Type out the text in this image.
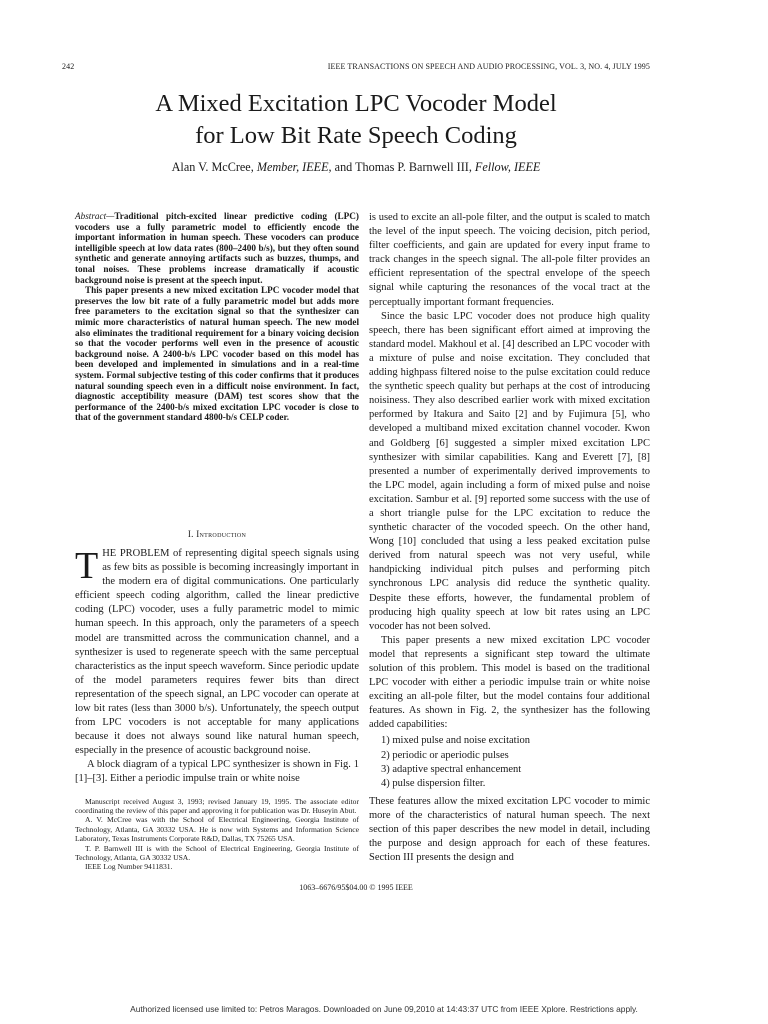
242	IEEE TRANSACTIONS ON SPEECH AND AUDIO PROCESSING, VOL. 3, NO. 4, JULY 1995
A Mixed Excitation LPC Vocoder Model
for Low Bit Rate Speech Coding
Alan V. McCree, Member, IEEE, and Thomas P. Barnwell III, Fellow, IEEE

Abstract—Traditional pitch-excited linear predictive coding (LPC) vocoders use a fully parametric model to efficiently encode the important information in human speech. These vocoders can produce intelligible speech at low data rates (800–2400 b/s), but they often sound synthetic and generate annoying artifacts such as buzzes, thumps, and tonal noises. These problems increase dramatically if acoustic background noise is present at the speech input.

This paper presents a new mixed excitation LPC vocoder model that preserves the low bit rate of a fully parametric model but adds more free parameters to the excitation signal so that the synthesizer can mimic more characteristics of natural human speech. The new model also eliminates the traditional requirement for a binary voicing decision so that the vocoder performs well even in the presence of acoustic background noise. A 2400-b/s LPC vocoder based on this model has been developed and implemented in simulations and in a real-time system. Formal subjective testing of this coder confirms that it produces natural sounding speech even in a difficult noise environment. In fact, diagnostic acceptibility measure (DAM) test scores show that the performance of the 2400-b/s mixed excitation LPC vocoder is close to that of the government standard 4800-b/s CELP coder.

I. Introduction

THE PROBLEM of representing digital speech signals using as few bits as possible is becoming increasingly important in the modern era of digital communications. One particularly efficient speech coding algorithm, called the linear predictive coding (LPC) vocoder, uses a fully parametric model to mimic human speech. In this approach, only the parameters of a speech model are transmitted across the communication channel, and a synthesizer is used to regenerate speech with the same perceptual characteristics as the input speech waveform. Since periodic update of the model parameters requires fewer bits than direct representation of the speech signal, an LPC vocoder can operate at low bit rates (less than 3000 b/s). Unfortunately, the speech output from LPC vocoders is not acceptable for many applications because it does not always sound like natural human speech, especially in the presence of acoustic background noise.

A block diagram of a typical LPC synthesizer is shown in Fig. 1 [1]–[3]. Either a periodic impulse train or white noise

Manuscript received August 3, 1993; revised January 19, 1995. The associate editor coordinating the review of this paper and approving it for publication was Dr. Huseyin Abut.

A. V. McCree was with the School of Electrical Engineering, Georgia Institute of Technology, Atlanta, GA 30332 USA. He is now with Systems and Information Science Laboratory, Texas Instruments Corporate R&D, Dallas, TX 75265 USA.

T. P. Barnwell III is with the School of Electrical Engineering, Georgia Institute of Technology, Atlanta, GA 30332 USA.

IEEE Log Number 9411831.

is used to excite an all-pole filter, and the output is scaled to match the level of the input speech. The voicing decision, pitch period, filter coefficients, and gain are updated for every input frame to track changes in the speech signal. The all-pole filter provides an efficient representation of the spectral envelope of the speech signal while capturing the resonances of the vocal tract at the perceptually important formant frequencies.

Since the basic LPC vocoder does not produce high quality speech, there has been significant effort aimed at improving the standard model. Makhoul et al. [4] described an LPC vocoder with a mixture of pulse and noise excitation. They concluded that adding highpass filtered noise to the pulse excitation could reduce the synthetic speech quality but perhaps at the cost of introducing noisiness. They also described earlier work with mixed excitation performed by Itakura and Saito [2] and by Fujimura [5], who developed a multiband mixed excitation channel vocoder. Kwon and Goldberg [6] suggested a simpler mixed excitation LPC synthesizer with similar capabilities. Kang and Everett [7], [8] presented a number of experimentally derived improvements to the LPC model, again including a form of mixed pulse and noise excitation. Sambur et al. [9] reported some success with the use of a short triangle pulse for the LPC excitation to reduce the synthetic character of the vocoded speech. On the other hand, Wong [10] concluded that using a less peaked excitation pulse derived from natural speech was not very useful, while handpicking individual pitch pulses and performing pitch synchronous LPC analysis did reduce the synthetic quality. Despite these efforts, however, the fundamental problem of producing high quality speech at low bit rates using an LPC vocoder has not been solved.

This paper presents a new mixed excitation LPC vocoder model that represents a significant step toward the ultimate solution of this problem. This model is based on the traditional LPC vocoder with either a periodic impulse train or white noise exciting an all-pole filter, but the model contains four additional features. As shown in Fig. 2, the synthesizer has the following added capabilities:

1) mixed pulse and noise excitation
2) periodic or aperiodic pulses
3) adaptive spectral enhancement
4) pulse dispersion filter.

These features allow the mixed excitation LPC vocoder to mimic more of the characteristics of natural human speech. The next section of this paper describes the new model in detail, including the purpose and design approach for each of these features. Section III presents the design and

1063–6676/95$04.00 © 1995 IEEE
Authorized licensed use limited to: Petros Maragos. Downloaded on June 09,2010 at 14:43:37 UTC from IEEE Xplore. Restrictions apply.
